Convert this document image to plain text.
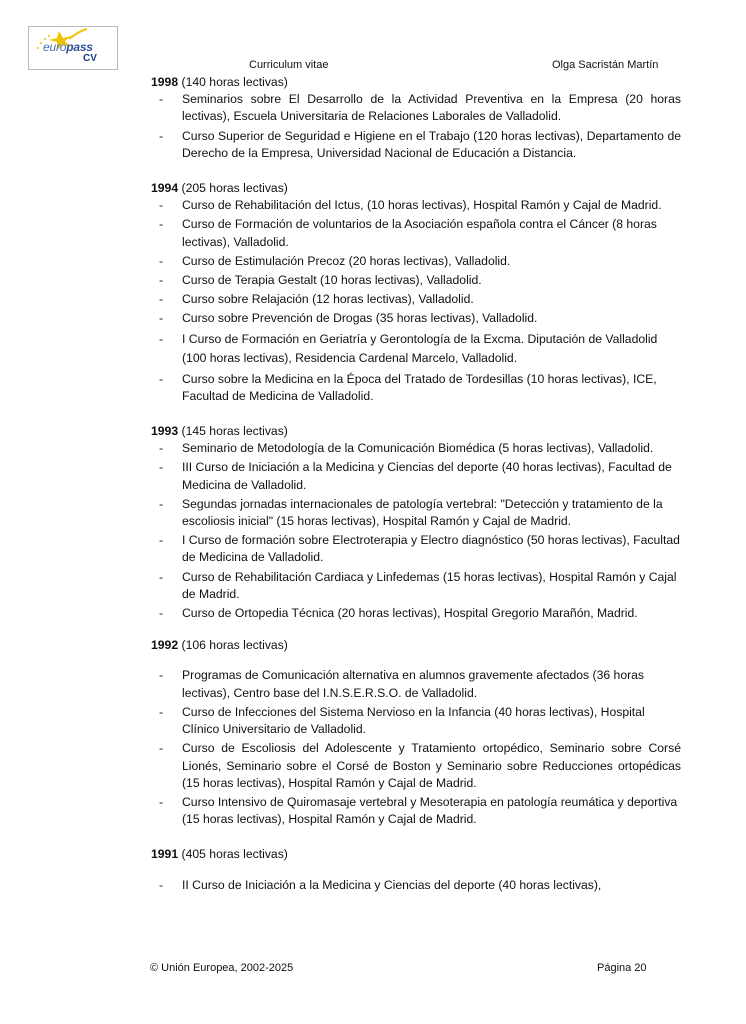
europass
CV
Curriculum vitae	Olga Sacristán Martín

1998 (140 horas lectivas)

- Seminarios sobre El Desarrollo de la Actividad Preventiva en la Empresa (20 horas lectivas), Escuela Universitaria de Relaciones Laborales de Valladolid.
- Curso Superior de Seguridad e Higiene en el Trabajo (120 horas lectivas), Departamento de Derecho de la Empresa, Universidad Nacional de Educación a Distancia.

1994 (205 horas lectivas)

- Curso de Rehabilitación del Ictus, (10 horas lectivas), Hospital Ramón y Cajal de Madrid.
- Curso de Formación de voluntarios de la Asociación española contra el Cáncer (8 horas lectivas), Valladolid.
- Curso de Estimulación Precoz (20 horas lectivas), Valladolid.
- Curso de Terapia Gestalt (10 horas lectivas), Valladolid.
- Curso sobre Relajación (12 horas lectivas), Valladolid.
- Curso sobre Prevención de Drogas (35 horas lectivas), Valladolid.
- I Curso de Formación en Geriatría y Gerontología de la Excma. Diputación de Valladolid (100 horas lectivas), Residencia Cardenal Marcelo, Valladolid.
- Curso sobre la Medicina en la Época del Tratado de Tordesillas (10 horas lectivas), ICE, Facultad de Medicina de Valladolid.

1993 (145 horas lectivas)

- Seminario de Metodología de la Comunicación Biomédica (5 horas lectivas), Valladolid.
- III Curso de Iniciación a la Medicina y Ciencias del deporte (40 horas lectivas), Facultad de Medicina de Valladolid.
- Segundas jornadas internacionales de patología vertebral: "Detección y tratamiento de la escoliosis inicial" (15 horas lectivas), Hospital Ramón y Cajal de Madrid.
- I Curso de formación sobre Electroterapia y Electro diagnóstico (50 horas lectivas), Facultad de Medicina de Valladolid.
- Curso de Rehabilitación Cardiaca y Linfedemas (15 horas lectivas), Hospital Ramón y Cajal de Madrid.
- Curso de Ortopedia Técnica (20 horas lectivas), Hospital Gregorio Marañón, Madrid.

1992 (106 horas lectivas)

- Programas de Comunicación alternativa en alumnos gravemente afectados (36 horas lectivas), Centro base del I.N.S.E.R.S.O. de Valladolid.
- Curso de Infecciones del Sistema Nervioso en la Infancia (40 horas lectivas), Hospital Clínico Universitario de Valladolid.
- Curso de Escoliosis del Adolescente y Tratamiento ortopédico, Seminario sobre Corsé Lionés, Seminario sobre el Corsé de Boston y Seminario sobre Reducciones ortopédicas (15 horas lectivas), Hospital Ramón y Cajal de Madrid.
- Curso Intensivo de Quiromasaje vertebral y Mesoterapia en patología reumática y deportiva (15 horas lectivas), Hospital Ramón y Cajal de Madrid.

1991 (405 horas lectivas)

- II Curso de Iniciación a la Medicina y Ciencias del deporte (40 horas lectivas),
© Unión Europea, 2002-2025	Página 20
